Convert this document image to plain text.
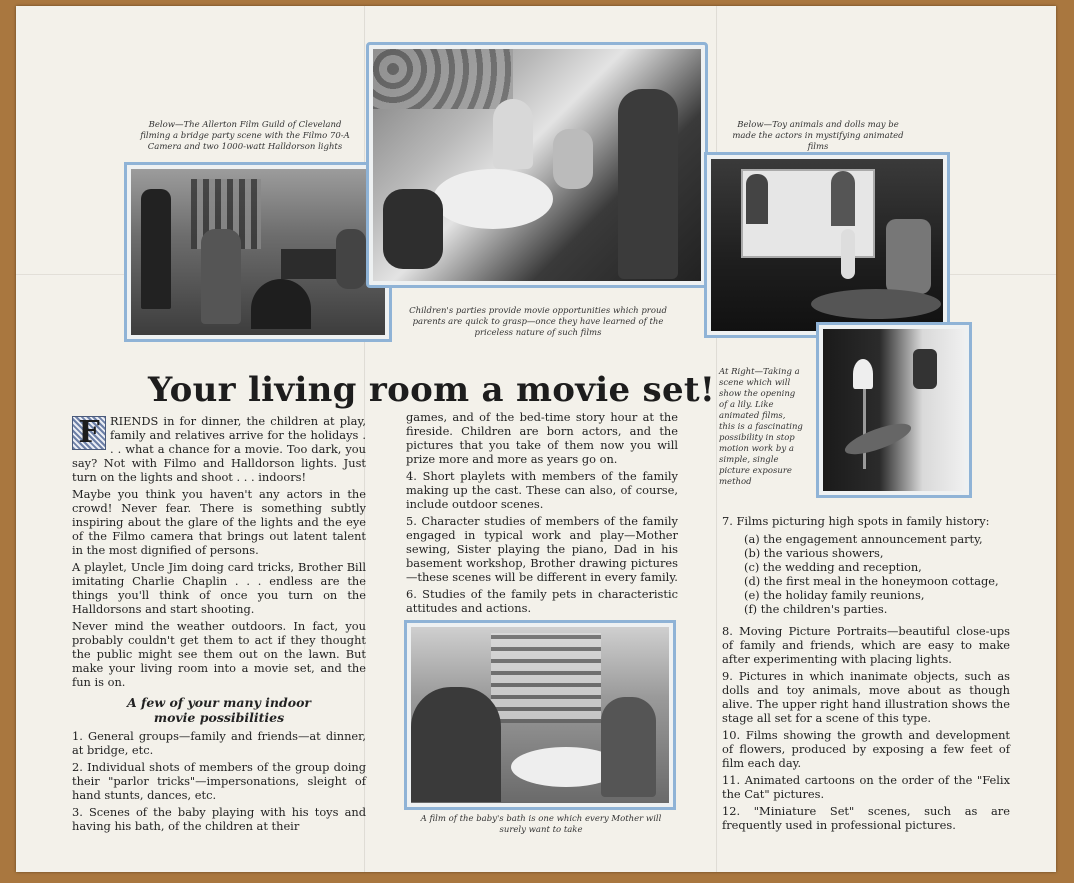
Below—The Allerton Film Guild of Cleveland filming a bridge party scene with the Filmo 70-A Camera and two 1000-watt Halldorson lights
Children's parties provide movie opportunities which proud parents are quick to grasp—once they have learned of the priceless nature of such films
Below—Toy animals and dolls may be made the actors in mystifying animated films
At Right—Taking a scene which will show the opening of a lily. Like animated films, this is a fascinating possibility in stop motion work by a simple, single picture exposure method
Your living room a movie set!

F RIENDS in for dinner, the children at play, family and relatives arrive for the holidays . . . what a chance for a movie. Too dark, you say? Not with Filmo and Halldorson lights. Just turn on the lights and shoot . . . indoors!

Maybe you think you haven't any actors in the crowd! Never fear. There is something subtly inspiring about the glare of the lights and the eye of the Filmo camera that brings out latent talent in the most dignified of persons.

A playlet, Uncle Jim doing card tricks, Brother Bill imitating Charlie Chaplin . . . endless are the things you'll think of once you turn on the Halldorsons and start shooting.

Never mind the weather outdoors. In fact, you probably couldn't get them to act if they thought the public might see them out on the lawn. But make your living room into a movie set, and the fun is on.

A few of your many indoor movie possibilities

1. General groups—family and friends—at dinner, at bridge, etc.

2. Individual shots of members of the group doing their "parlor tricks"—impersonations, sleight of hand stunts, dances, etc.

3. Scenes of the baby playing with his toys and having his bath, of the children at their

games, and of the bed-time story hour at the fireside. Children are born actors, and the pictures that you take of them now you will prize more and more as years go on.

4. Short playlets with members of the family making up the cast. These can also, of course, include outdoor scenes.

5. Character studies of members of the family engaged in typical work and play—Mother sewing, Sister playing the piano, Dad in his basement workshop, Brother drawing pictures—these scenes will be different in every family.

6. Studies of the family pets in characteristic attitudes and actions.

A film of the baby's bath is one which every Mother will surely want to take

7. Films picturing high spots in family history:

(a) the engagement announcement party,
(b) the various showers,
(c) the wedding and reception,
(d) the first meal in the honeymoon cottage,
(e) the holiday family reunions,
(f) the children's parties.

8. Moving Picture Portraits—beautiful close-ups of family and friends, which are easy to make after experimenting with placing lights.

9. Pictures in which inanimate objects, such as dolls and toy animals, move about as though alive. The upper right hand illustration shows the stage all set for a scene of this type.

10. Films showing the growth and development of flowers, produced by exposing a few feet of film each day.

11. Animated cartoons on the order of the "Felix the Cat" pictures.

12. "Miniature Set" scenes, such as are frequently used in professional pictures.
